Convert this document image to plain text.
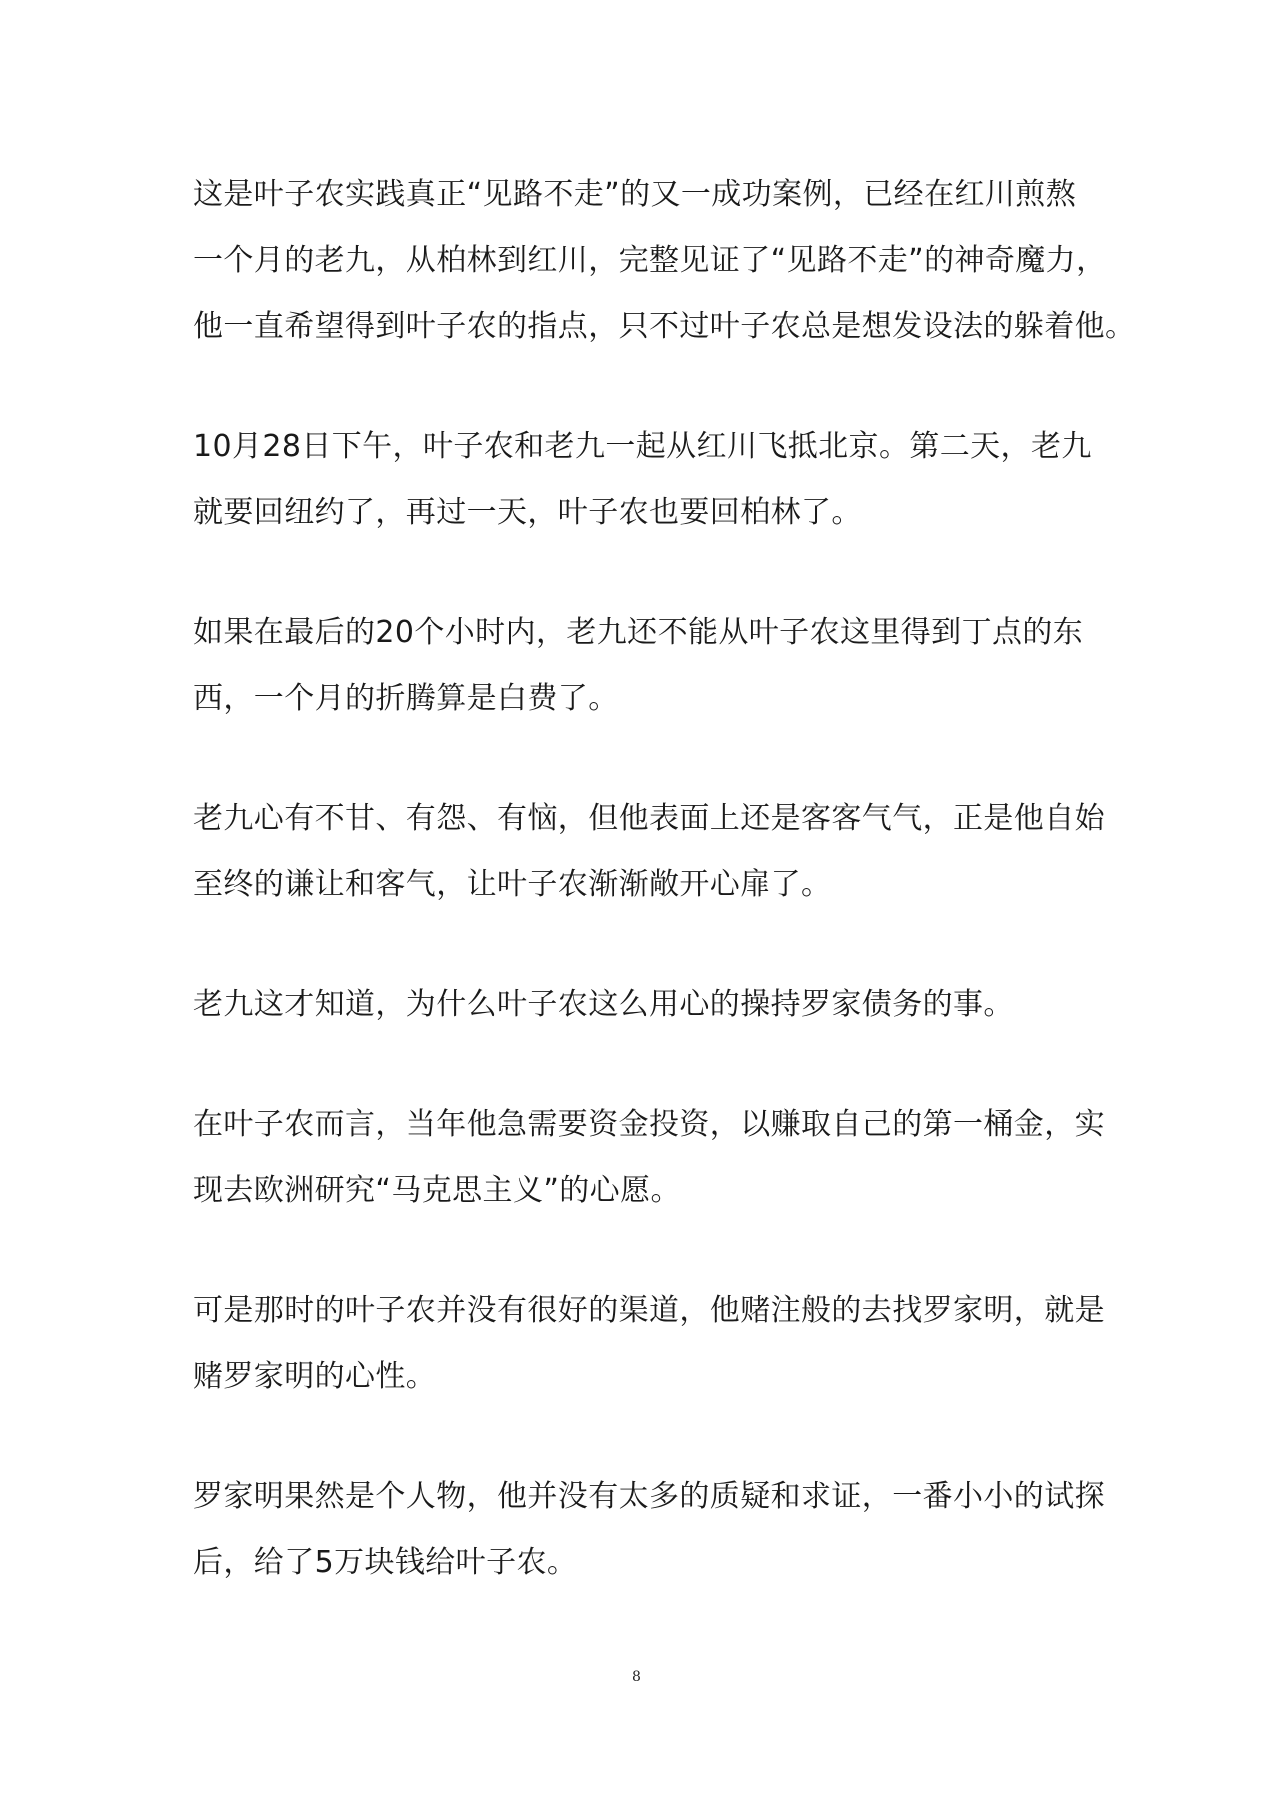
这是叶子农实践真正“见路不走”的又一成功案例，已经在红川煎熬
一个月的老九，从柏林到红川，完整见证了“见路不走”的神奇魔力，
他一直希望得到叶子农的指点，只不过叶子农总是想发设法的躲着他。

10月28日下午，叶子农和老九一起从红川飞抵北京。第二天，老九
就要回纽约了，再过一天，叶子农也要回柏林了。

如果在最后的20个小时内，老九还不能从叶子农这里得到丁点的东
西，一个月的折腾算是白费了。

老九心有不甘、有怨、有恼，但他表面上还是客客气气，正是他自始
至终的谦让和客气，让叶子农渐渐敞开心扉了。

老九这才知道，为什么叶子农这么用心的操持罗家债务的事。

在叶子农而言，当年他急需要资金投资，以赚取自己的第一桶金，实
现去欧洲研究“马克思主义”的心愿。

可是那时的叶子农并没有很好的渠道，他赌注般的去找罗家明，就是
赌罗家明的心性。

罗家明果然是个人物，他并没有太多的质疑和求证，一番小小的试探
后，给了5万块钱给叶子农。

8
